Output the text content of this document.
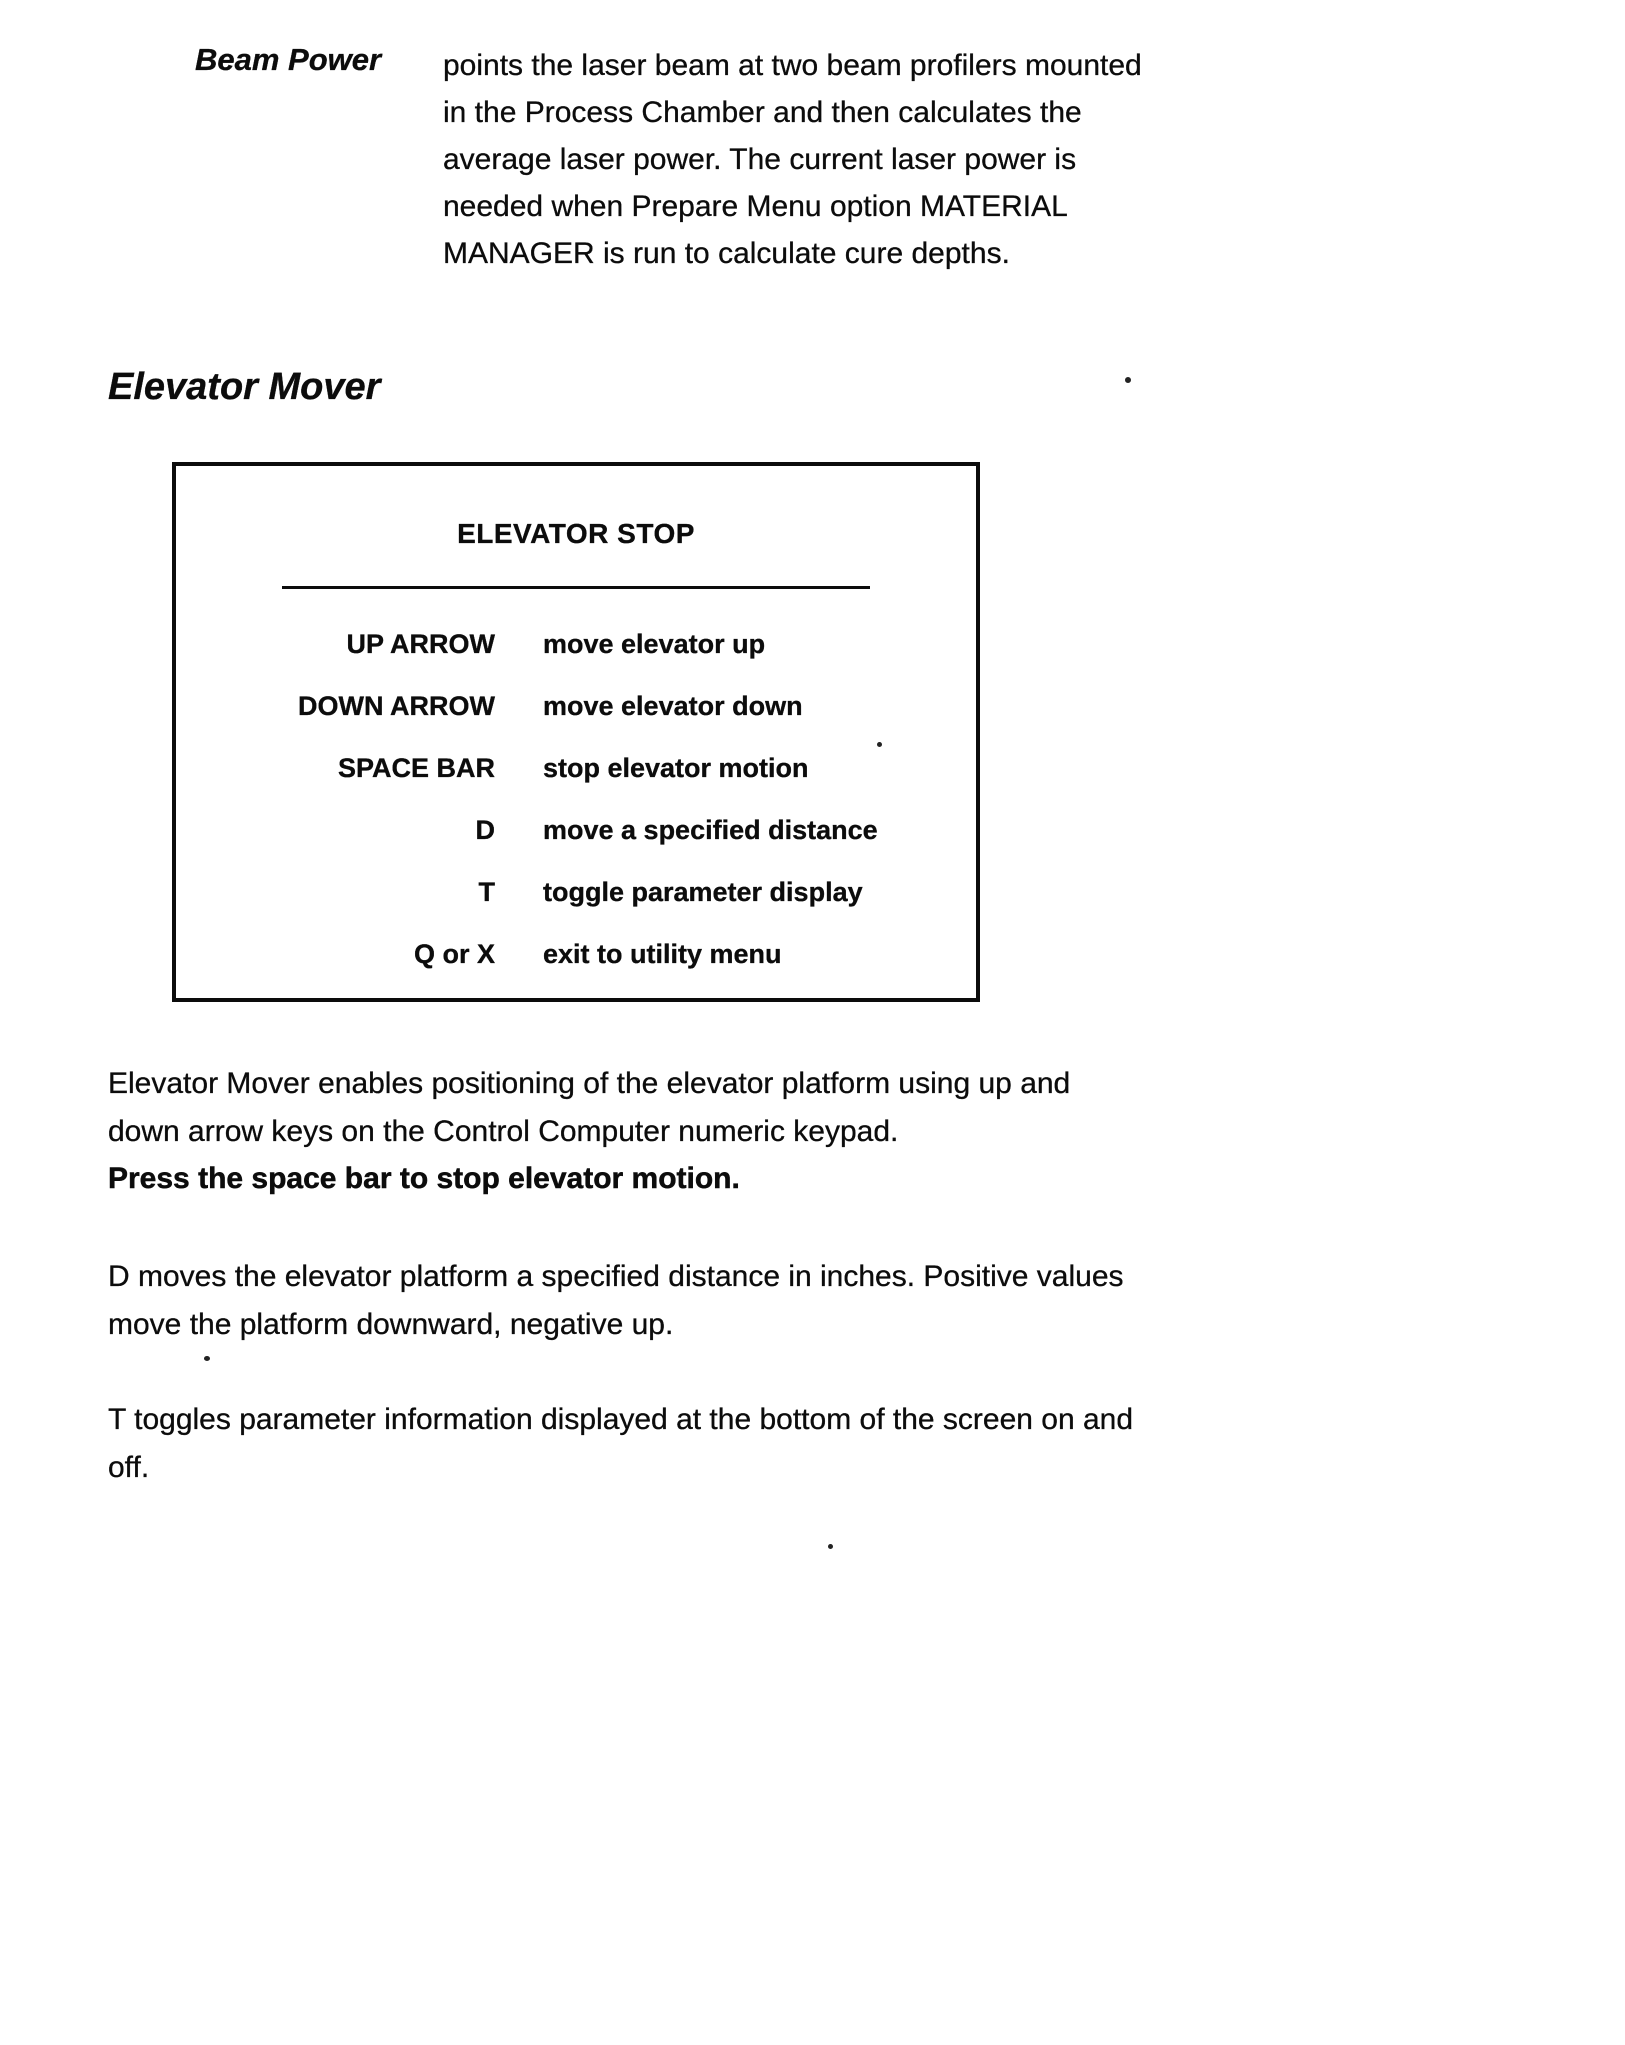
Beam Power points the laser beam at two beam profilers mounted in the Process Chamber and then calculates the average laser power. The current laser power is needed when Prepare Menu option MATERIAL MANAGER is run to calculate cure depths.
Elevator Mover
ELEVATOR STOP
UP ARROW move elevator up
DOWN ARROW move elevator down
SPACE BAR stop elevator motion
D move a specified distance
T toggle parameter display
Q or X exit to utility menu
Elevator Mover enables positioning of the elevator platform using up and down arrow keys on the Control Computer numeric keypad.
Press the space bar to stop elevator motion.
D moves the elevator platform a specified distance in inches. Positive values move the platform downward, negative up.
T toggles parameter information displayed at the bottom of the screen on and off.
